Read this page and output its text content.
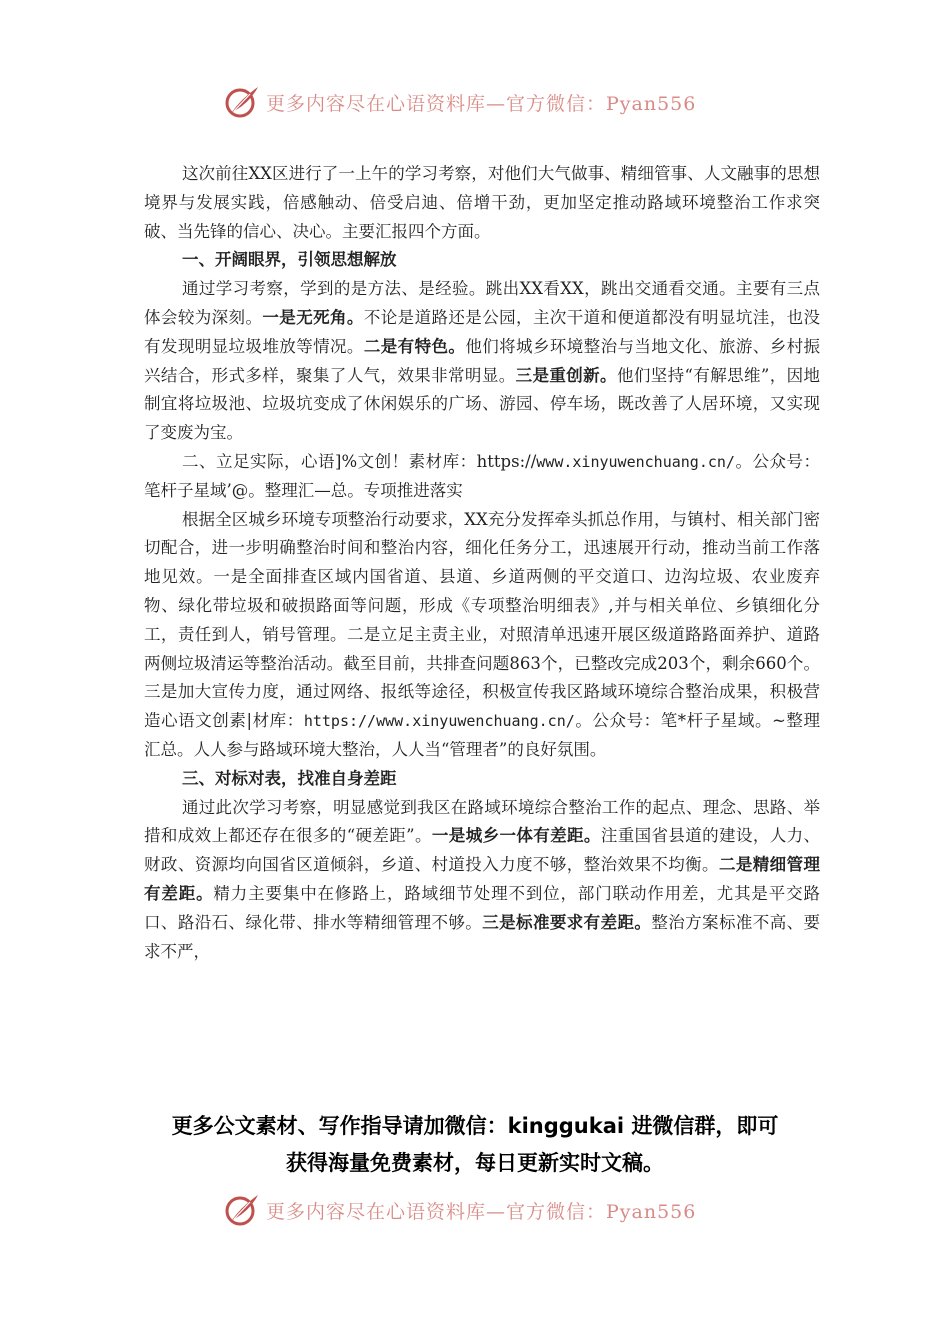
更多内容尽在心语资料库—官方微信：Pyan556

这次前往XX区进行了一上午的学习考察，对他们大气做事、精细管事、人文融事的思想境界与发展实践，倍感触动、倍受启迪、倍增干劲，更加坚定推动路域环境整治工作求突破、当先锋的信心、决心。主要汇报四个方面。

一、开阔眼界，引领思想解放

通过学习考察，学到的是方法、是经验。跳出XX看XX，跳出交通看交通。主要有三点体会较为深刻。一是无死角。不论是道路还是公园，主次干道和便道都没有明显坑洼，也没有发现明显垃圾堆放等情况。二是有特色。他们将城乡环境整治与当地文化、旅游、乡村振兴结合，形式多样，聚集了人气，效果非常明显。三是重创新。他们坚持“有解思维”，因地制宜将垃圾池、垃圾坑变成了休闲娱乐的广场、游园、停车场，既改善了人居环境，又实现了变废为宝。

二、立足实际，心语]%文创！素材库：https://www.xinyuwenchuang.cn/。公众号：笔杆子星域’@。整理汇—总。专项推进落实

根据全区城乡环境专项整治行动要求，XX充分发挥牵头抓总作用，与镇村、相关部门密切配合，进一步明确整治时间和整治内容，细化任务分工，迅速展开行动，推动当前工作落地见效。一是全面排查区域内国省道、县道、乡道两侧的平交道口、边沟垃圾、农业废弃物、绿化带垃圾和破损路面等问题，形成《专项整治明细表》,并与相关单位、乡镇细化分工，责任到人，销号管理。二是立足主责主业，对照清单迅速开展区级道路路面养护、道路两侧垃圾清运等整治活动。截至目前，共排查问题863个，已整改完成203个，剩余660个。三是加大宣传力度，通过网络、报纸等途径，积极宣传我区路域环境综合整治成果，积极营造心语文创素|材库：https://www.xinyuwenchuang.cn/。公众号：笔*杆子星域。~整理汇总。人人参与路域环境大整治，人人当“管理者”的良好氛围。

三、对标对表，找准自身差距

通过此次学习考察，明显感觉到我区在路域环境综合整治工作的起点、理念、思路、举措和成效上都还存在很多的“硬差距”。一是城乡一体有差距。注重国省县道的建设，人力、财政、资源均向国省区道倾斜，乡道、村道投入力度不够，整治效果不均衡。二是精细管理有差距。精力主要集中在修路上，路域细节处理不到位，部门联动作用差，尤其是平交路口、路沿石、绿化带、排水等精细管理不够。三是标准要求有差距。整治方案标准不高、要求不严，

更多公文素材、写作指导请加微信：kinggukai 进微信群，即可
获得海量免费素材，每日更新实时文稿。
更多内容尽在心语资料库—官方微信：Pyan556
